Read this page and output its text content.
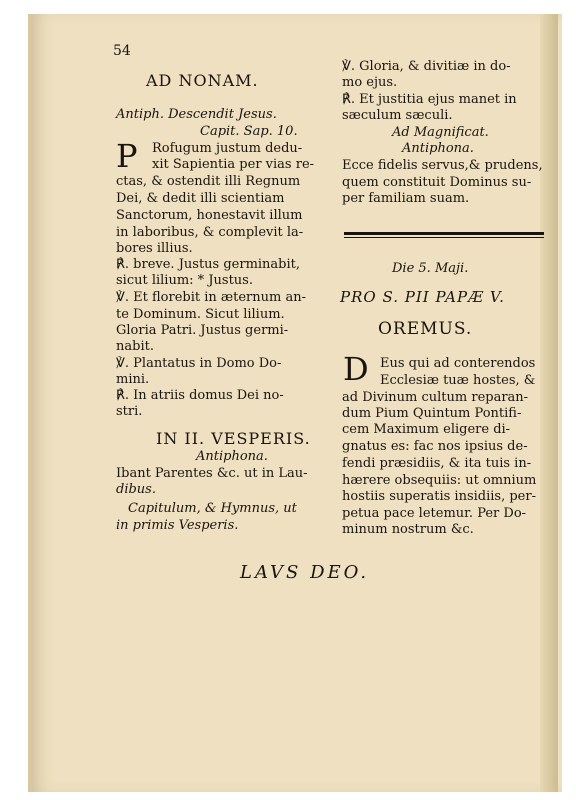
54
AD NONAM.
Antiph. Descendit Jesus.
Capit. Sap. 10.
P Rofugum justum dedu-
xit Sapientia per vias re-
ctas, & ostendit illi Regnum
Dei, & dedit illi scientiam
Sanctorum, honestavit illum
in laboribus, & complevit la-
bores illius.
℟. breve. Justus germinabit,
sicut lilium: * Justus.
℣. Et florebit in æternum an-
te Dominum. Sicut lilium.
Gloria Patri. Justus germi-
nabit.
℣. Plantatus in Domo Do-
mini.
℟. In atriis domus Dei no-
stri.
IN II. VESPERIS.
Antiphona.
Ibant Parentes &c. ut in Lau-
dibus.
Capitulum, & Hymnus, ut
in primis Vesperis.
℣. Gloria, & divitiæ in do-
mo ejus.
℟. Et justitia ejus manet in
sæculum sæculi.
Ad Magnificat.
Antiphona.
Ecce fidelis servus,& prudens,
quem constituit Dominus su-
per familiam suam.
Die 5. Maji.
PRO S. PII PAPÆ V.
OREMUS.
D Eus qui ad conterendos
Ecclesiæ tuæ hostes, &
ad Divinum cultum reparan-
dum Pium Quintum Pontifi-
cem Maximum eligere di-
gnatus es: fac nos ipsius de-
fendi præsidiis, & ita tuis in-
hærere obsequiis: ut omnium
hostiis superatis insidiis, per-
petua pace letemur. Per Do-
minum nostrum &c.
LAVS DEO.
